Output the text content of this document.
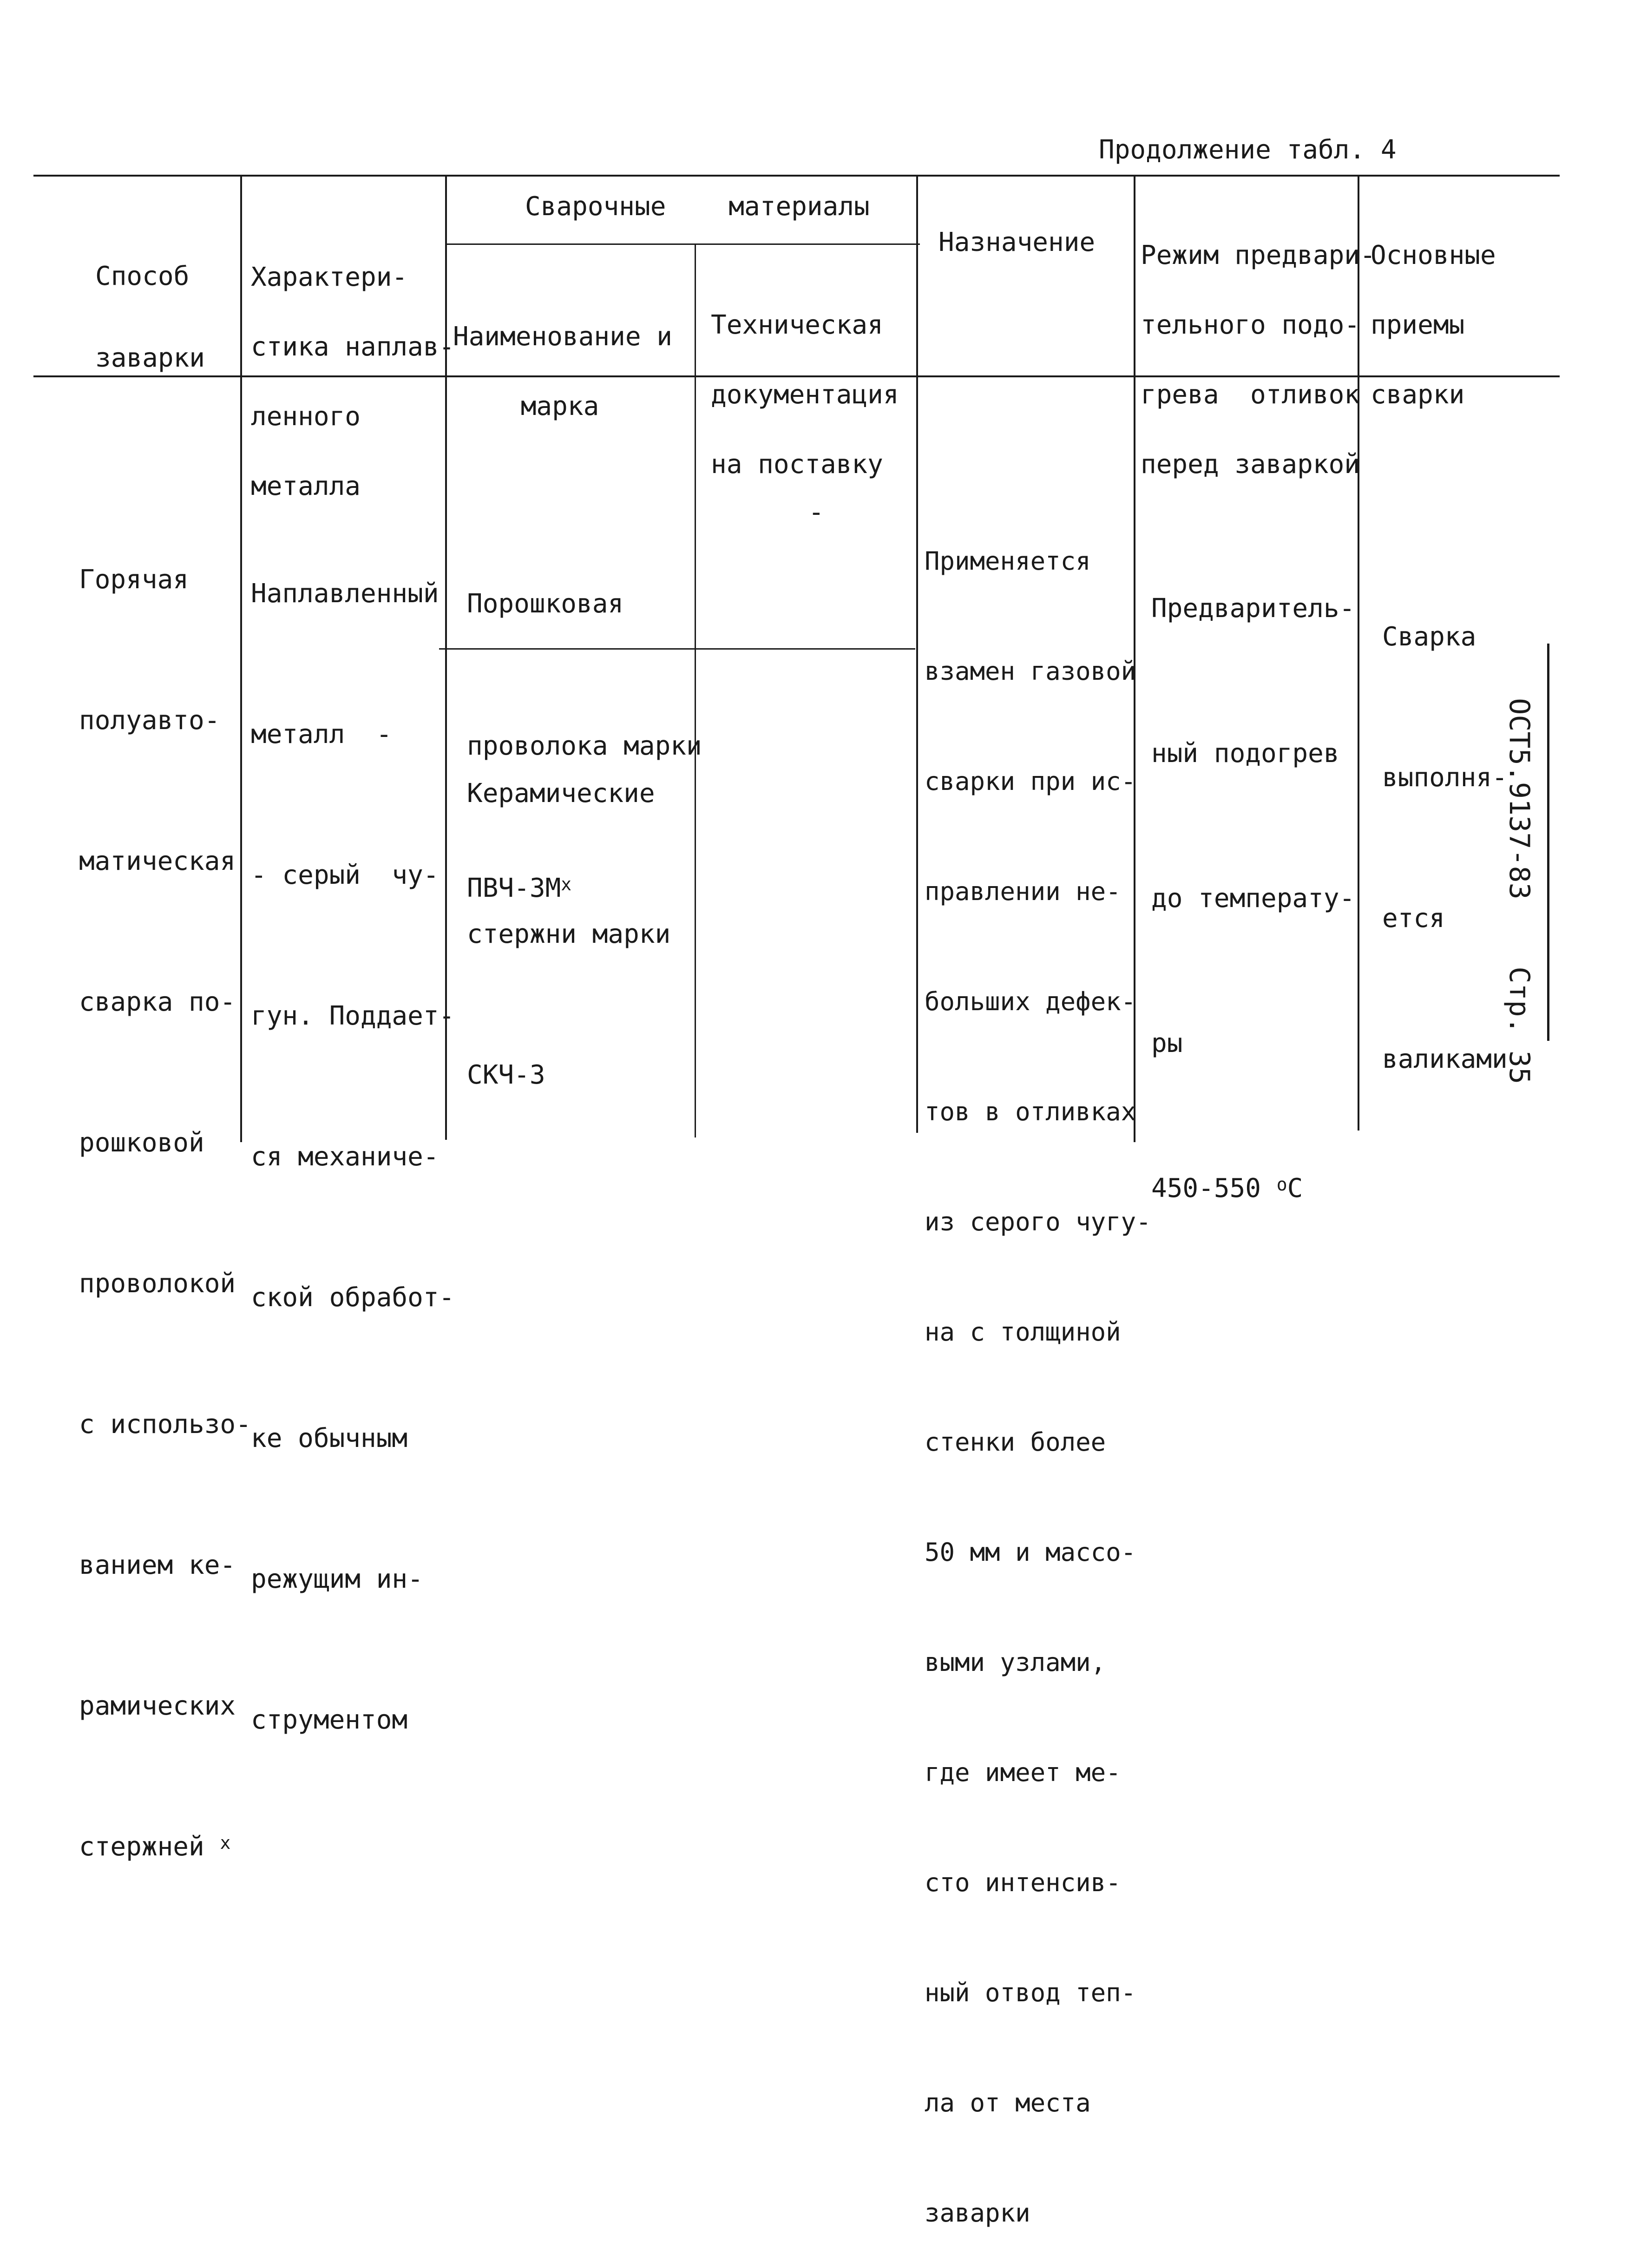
Продолжение табл. 4

Способ

заварки

Характери-

стика наплав-

ленного

металла

Сварочные    материалы

Наименование и

марка

Техническая

документация

на поставку

Назначение

Режим предвари-

тельного подо-

грева  отливок

перед заваркой

Основные

приемы

сварки

Горячая

полуавто-

матическая

сварка по-

рошковой

проволокой

с использо-

ванием ке-

рамических

стержней $^х$

Наплавленный

металл  -

- серый  чу-

гун. Поддает-

ся механиче-

ской обработ-

ке обычным

режущим ин-

струментом

Порошковая

проволока марки

ПВЧ-$3М^х$

-

Керамические

стержни марки

СКЧ-3

Применяется

взамен газовой

сварки при ис-

правлении не-

больших дефек-

тов в отливках

из серого чугу-

на с толщиной

стенки более

50 мм и массо-

выми узлами,

где имеет ме-

сто интенсив-

ный отвод теп-

ла от места

заварки

Предваритель-

ный подогрев

до температу-

ры

450-550 $^о$С

Сварка

выполня-

ется

валиками

ОСТ5.9137-83    Стр. 35
